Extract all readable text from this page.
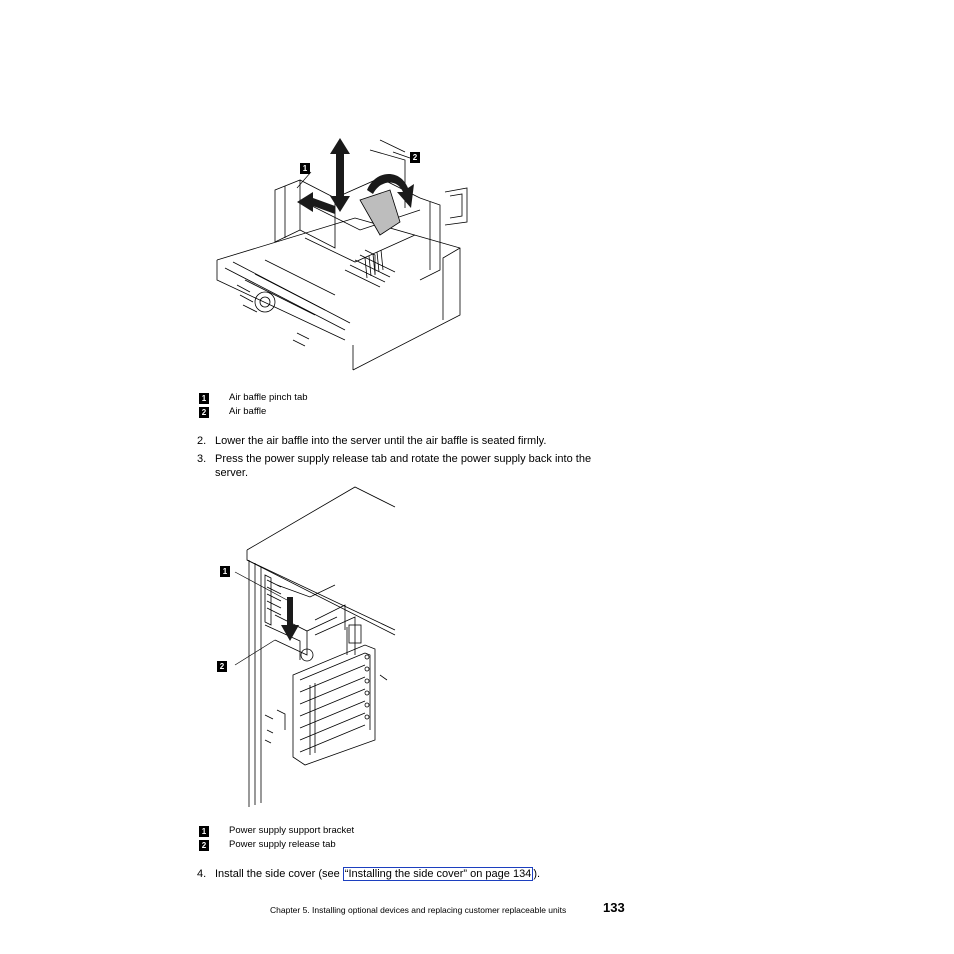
1
2
1 Air baffle pinch tab
2 Air baffle
2. Lower the air baffle into the server until the air baffle is seated firmly.
3. Press the power supply release tab and rotate the power supply back into the server.
1
2
1 Power supply support bracket
2 Power supply release tab
4. Install the side cover (see “Installing the side cover” on page 134 ).
Chapter 5. Installing optional devices and replacing customer replaceable units	133
